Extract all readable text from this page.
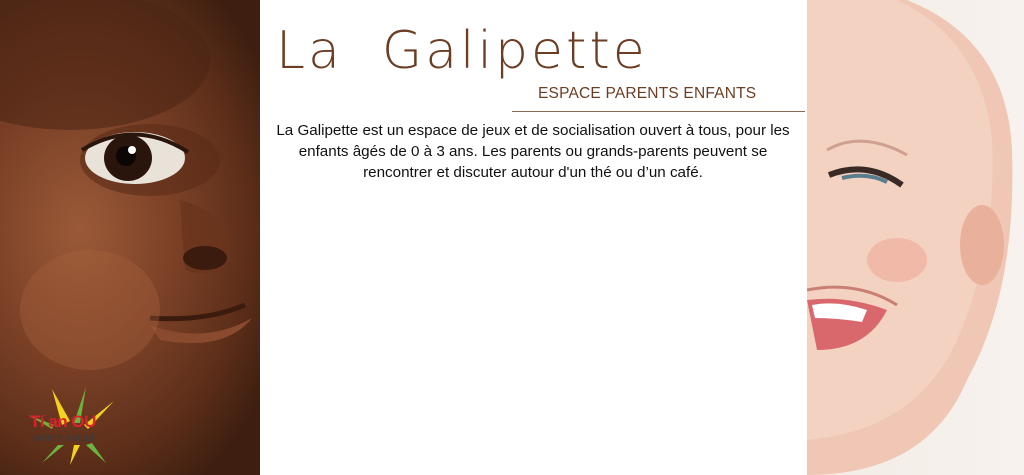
La  Galipette
ESPACE PARENTS ENFANTS

La Galipette est un espace de jeux et de socialisation ouvert à tous, pour les enfants âgés de 0 à 3 ans. Les parents ou grands-parents peuvent se rencontrer et discuter autour d'un thé ou d’un café.

Tí an OU
centre social
